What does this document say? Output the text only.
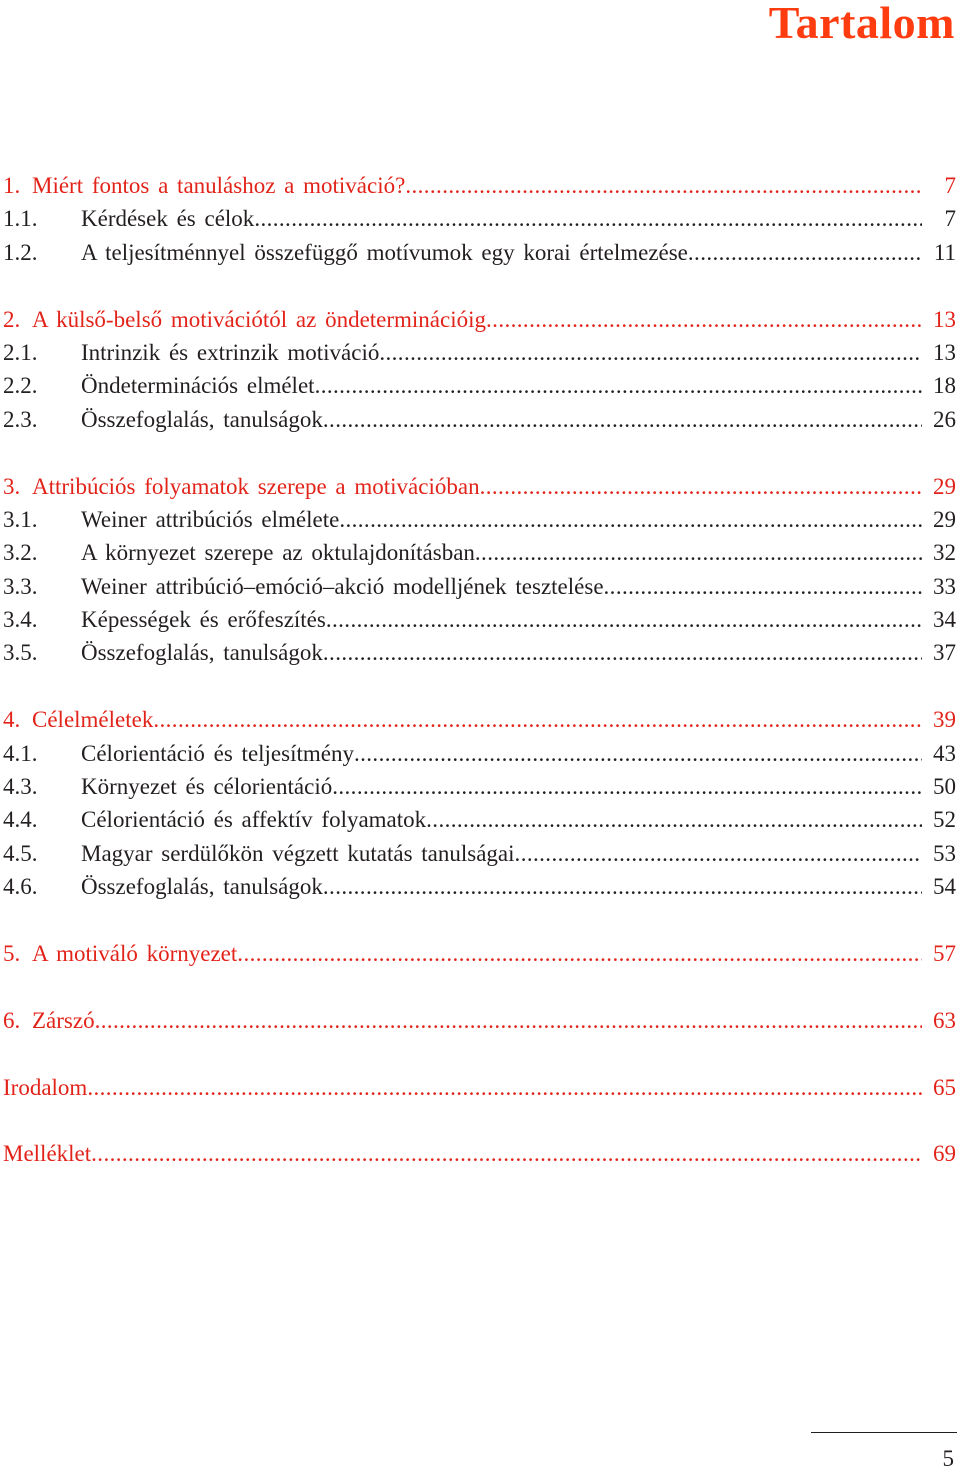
Tartalom
1. Miért fontos a tanuláshoz a motiváció? .....	7
1.1.	Kérdések és célok .....	7
1.2.	A teljesítménnyel összefüggő motívumok egy korai értelmezése .....	11
2. A külső-belső motivációtól az öndeterminációig .....	13
2.1.	Intrinzik és extrinzik motiváció .....	13
2.2.	Öndeterminációs elmélet .....	18
2.3.	Összefoglalás, tanulságok .....	26
3. Attribúciós folyamatok szerepe a motivációban .....	29
3.1.	Weiner attribúciós elmélete .....	29
3.2.	A környezet szerepe az oktulajdonításban .....	32
3.3.	Weiner attribúció–emóció–akció modelljének tesztelése .....	33
3.4.	Képességek és erőfeszítés .....	34
3.5.	Összefoglalás, tanulságok .....	37
4. Célelméletek .....	39
4.1.	Célorientáció és teljesítmény .....	43
4.3.	Környezet és célorientáció .....	50
4.4.	Célorientáció és affektív folyamatok .....	52
4.5.	Magyar serdülőkön végzett kutatás tanulságai .....	53
4.6.	Összefoglalás, tanulságok .....	54
5. A motiváló környezet .....	57
6. Zárszó .....	63
Irodalom .....	65
Melléklet .....	69
5
